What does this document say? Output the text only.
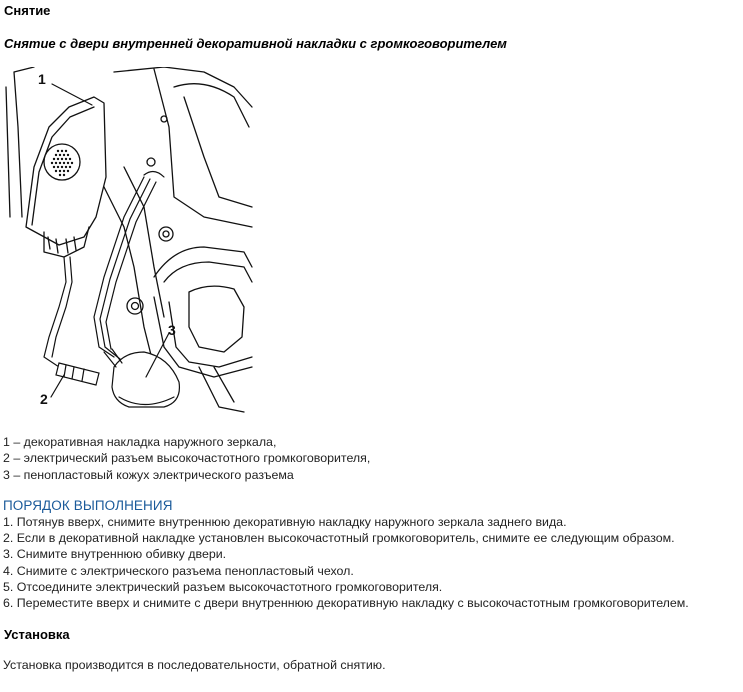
Снятие
Снятие с двери внутренней декоративной накладки с громкоговорителем
1
2
3
1 – декоративная накладка наружного зеркала,
2 – электрический разъем высокочастотного громкоговорителя,
3 – пенопластовый кожух электрического разъема
ПОРЯДОК ВЫПОЛНЕНИЯ
1. Потянув вверх, снимите внутреннюю декоративную накладку наружного зеркала заднего вида.
2. Если в декоративной накладке установлен высокочастотный громкоговоритель, снимите ее следующим образом.
3. Снимите внутреннюю обивку двери.
4. Снимите с электрического разъема пенопластовый чехол.
5. Отсоедините электрический разъем высокочастотного громкоговорителя.
6. Переместите вверх и снимите с двери внутреннюю декоративную накладку с высокочастотным громкоговорителем.
Установка
Установка производится в последовательности, обратной снятию.
